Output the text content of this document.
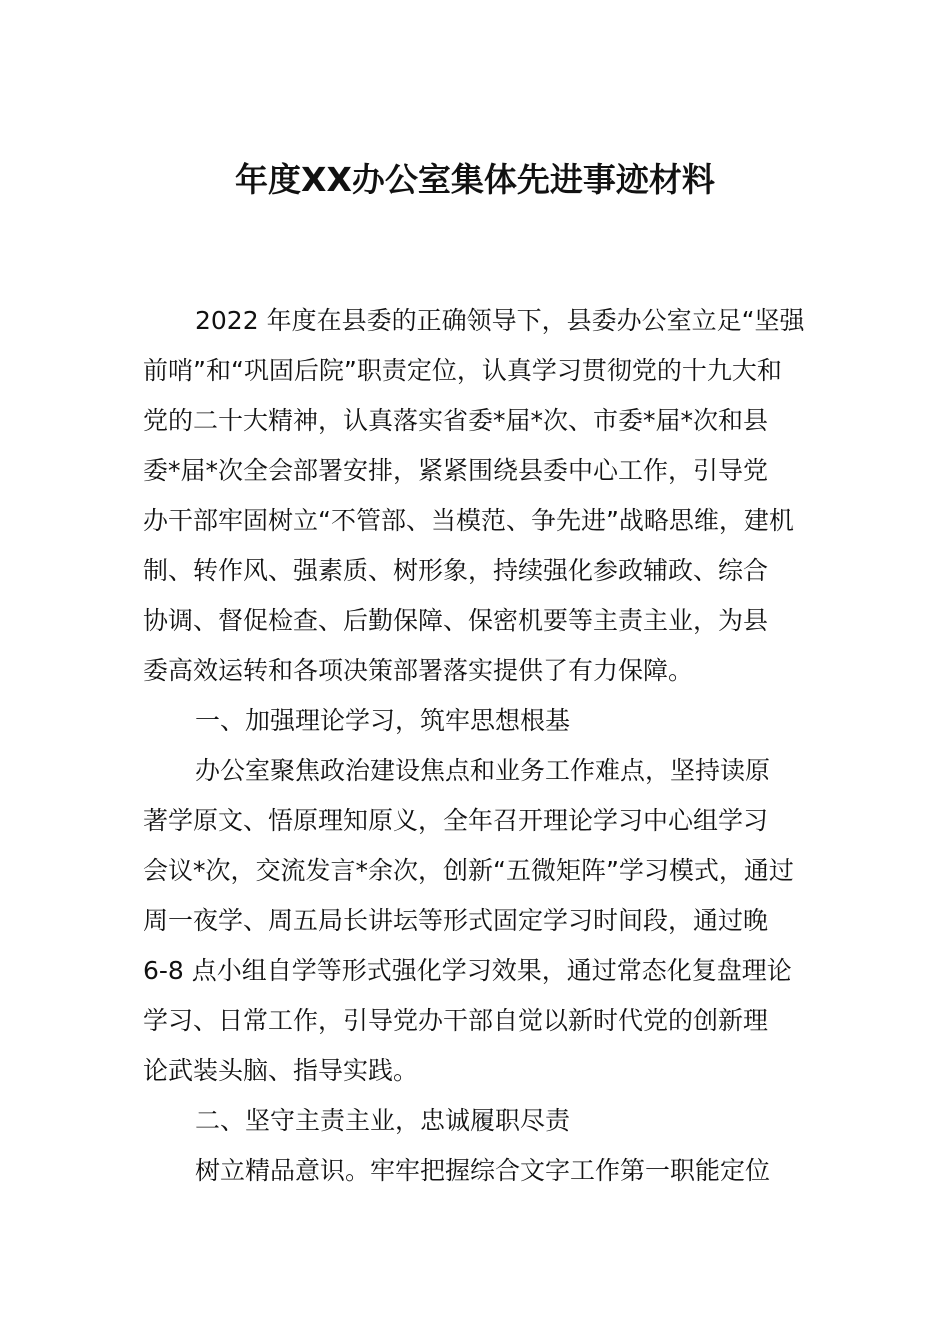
年度XX办公室集体先进事迹材料
2022 年度在县委的正确领导下，县委办公室立足“坚强
前哨”和“巩固后院”职责定位，认真学习贯彻党的十九大和
党的二十大精神，认真落实省委*届*次、市委*届*次和县
委*届*次全会部署安排，紧紧围绕县委中心工作，引导党
办干部牢固树立“不管部、当模范、争先进”战略思维，建机
制、转作风、强素质、树形象，持续强化参政辅政、综合
协调、督促检查、后勤保障、保密机要等主责主业，为县
委高效运转和各项决策部署落实提供了有力保障。
一、加强理论学习，筑牢思想根基
办公室聚焦政治建设焦点和业务工作难点，坚持读原
著学原文、悟原理知原义，全年召开理论学习中心组学习
会议*次，交流发言*余次，创新“五微矩阵”学习模式，通过
周一夜学、周五局长讲坛等形式固定学习时间段，通过晚
6-8 点小组自学等形式强化学习效果，通过常态化复盘理论
学习、日常工作，引导党办干部自觉以新时代党的创新理
论武装头脑、指导实践。
二、坚守主责主业，忠诚履职尽责
树立精品意识。牢牢把握综合文字工作第一职能定位
